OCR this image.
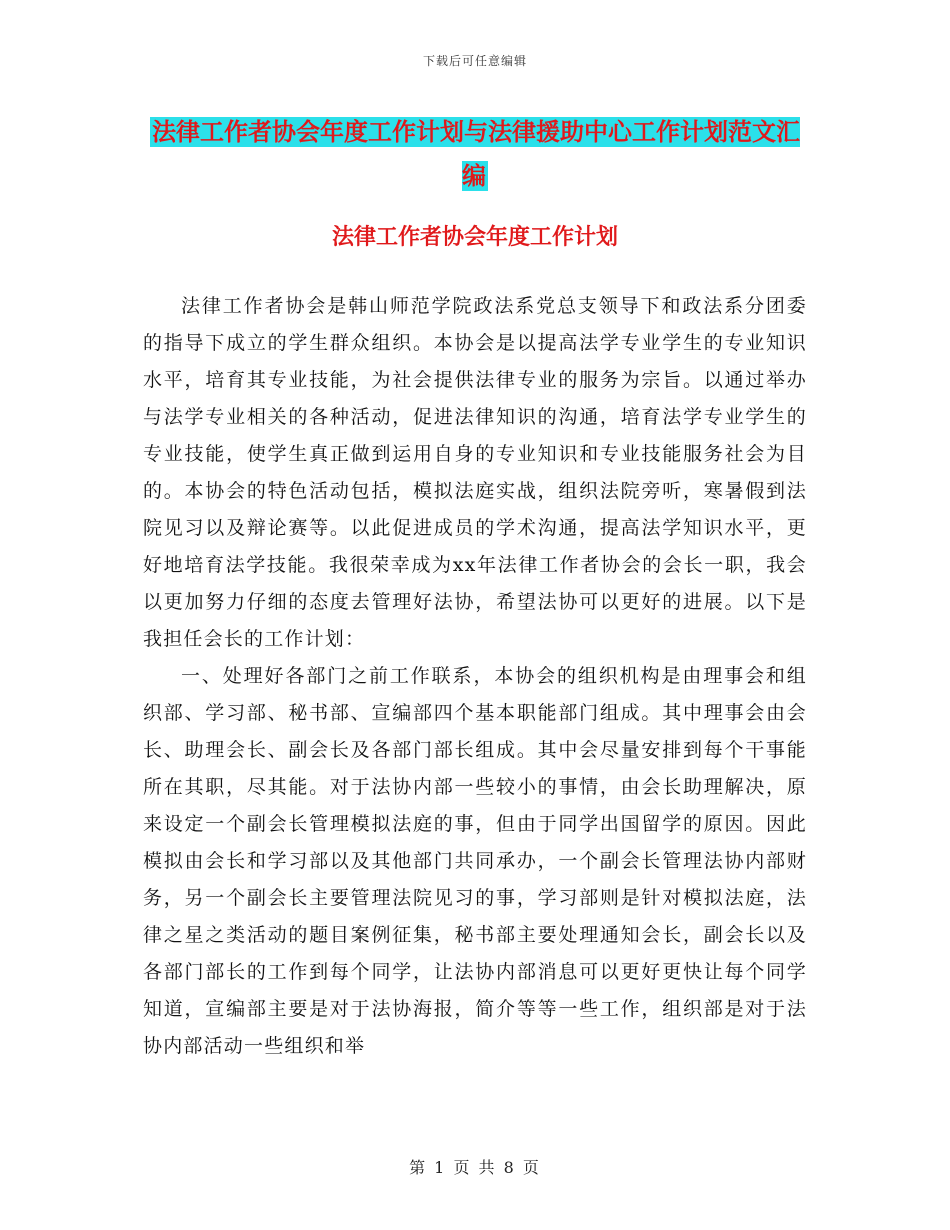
下载后可任意编辑
法律工作者协会年度工作计划与法律援助中心工作计划范文汇编
法律工作者协会年度工作计划

法律工作者协会是韩山师范学院政法系党总支领导下和政法系分团委的指导下成立的学生群众组织。本协会是以提高法学专业学生的专业知识水平，培育其专业技能，为社会提供法律专业的服务为宗旨。以通过举办与法学专业相关的各种活动，促进法律知识的沟通，培育法学专业学生的专业技能，使学生真正做到运用自身的专业知识和专业技能服务社会为目的。本协会的特色活动包括，模拟法庭实战，组织法院旁听，寒暑假到法院见习以及辩论赛等。以此促进成员的学术沟通，提高法学知识水平，更好地培育法学技能。我很荣幸成为xx年法律工作者协会的会长一职，我会以更加努力仔细的态度去管理好法协，希望法协可以更好的进展。以下是我担任会长的工作计划：

一、处理好各部门之前工作联系，本协会的组织机构是由理事会和组织部、学习部、秘书部、宣编部四个基本职能部门组成。其中理事会由会长、助理会长、副会长及各部门部长组成。其中会尽量安排到每个干事能所在其职，尽其能。对于法协内部一些较小的事情，由会长助理解决，原来设定一个副会长管理模拟法庭的事，但由于同学出国留学的原因。因此模拟由会长和学习部以及其他部门共同承办，一个副会长管理法协内部财务，另一个副会长主要管理法院见习的事，学习部则是针对模拟法庭，法律之星之类活动的题目案例征集，秘书部主要处理通知会长，副会长以及各部门部长的工作到每个同学，让法协内部消息可以更好更快让每个同学知道，宣编部主要是对于法协海报，简介等等一些工作，组织部是对于法协内部活动一些组织和举

第 1 页 共 8 页
